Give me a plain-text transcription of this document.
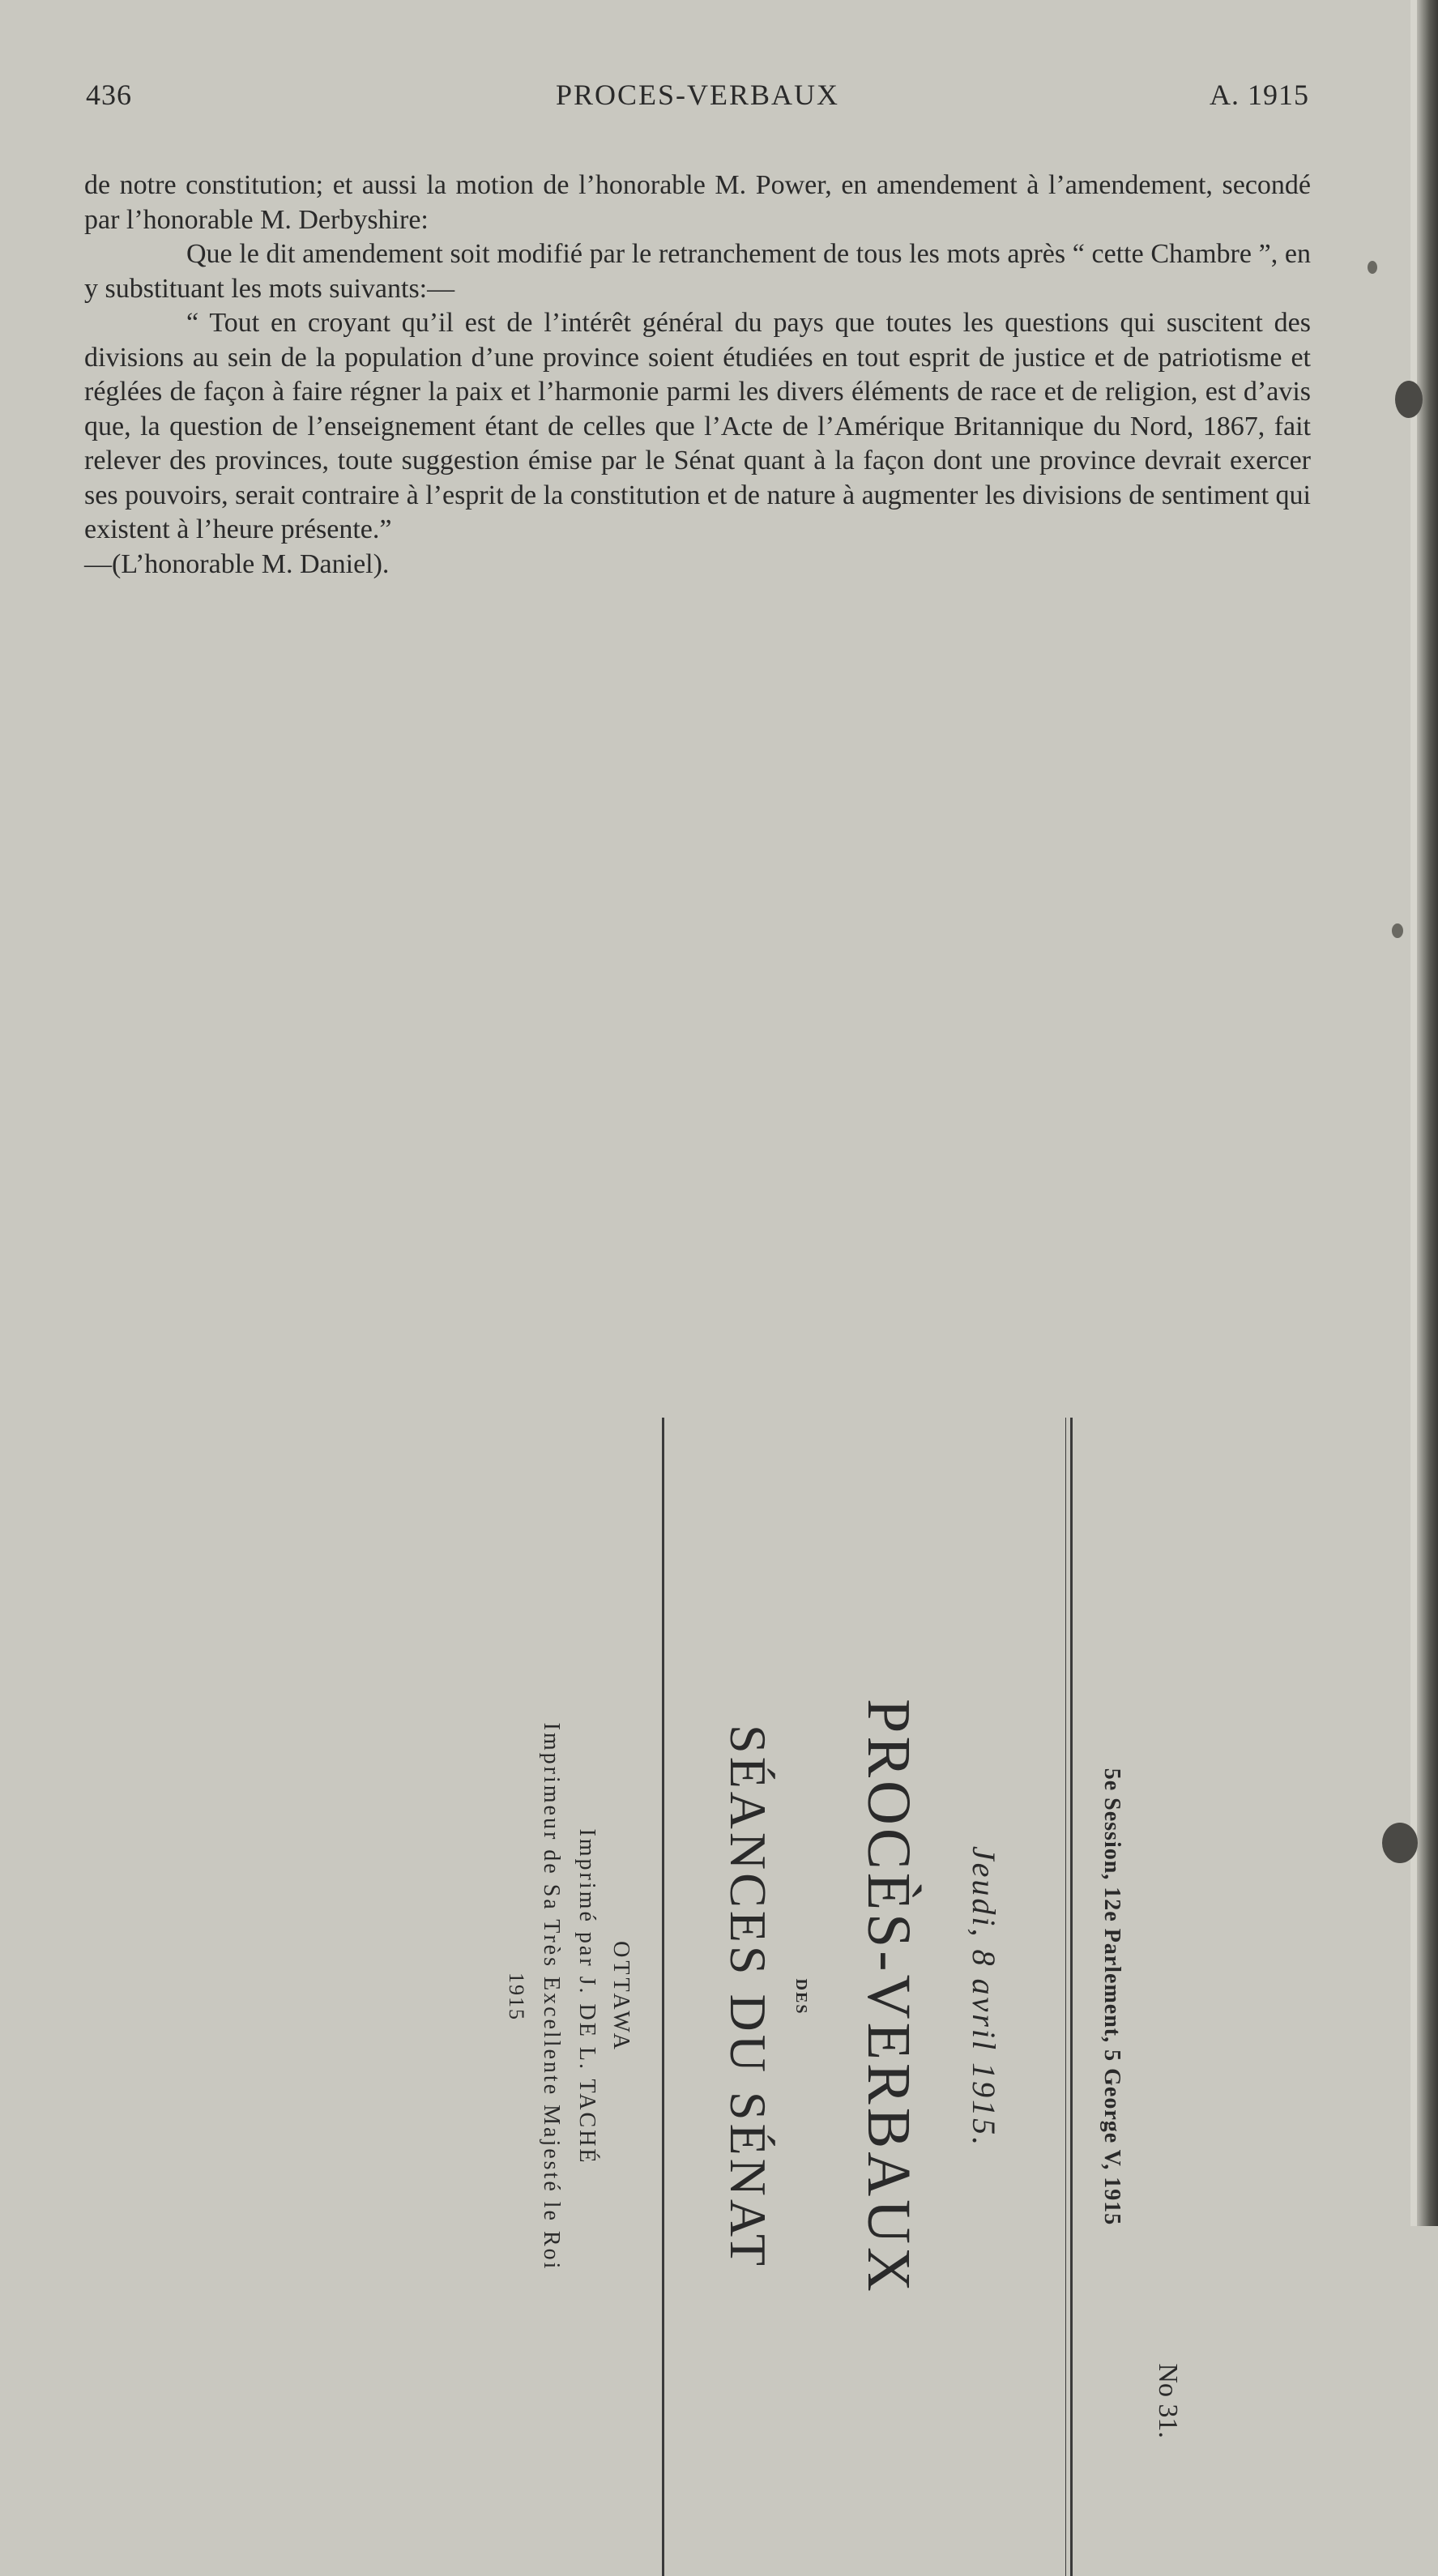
436	PROCES-VERBAUX	A. 1915

de notre constitution; et aussi la motion de l’honorable M. Power, en amendement à l’amendement, secondé par l’honorable M. Derbyshire:

Que le dit amendement soit modifié par le retranchement de tous les mots après “ cette Chambre ”, en y substituant les mots suivants:—

“ Tout en croyant qu’il est de l’intérêt général du pays que toutes les questions qui suscitent des divisions au sein de la population d’une province soient étudiées en tout esprit de justice et de patriotisme et réglées de façon à faire régner la paix et l’harmonie parmi les divers éléments de race et de religion, est d’avis que, la question de l’enseignement étant de celles que l’Acte de l’Amérique Britannique du Nord, 1867, fait relever des provinces, toute suggestion émise par le Sénat quant à la façon dont une province devrait exercer ses pouvoirs, serait contraire à l’esprit de la constitution et de nature à augmenter les divisions de sentiment qui existent à l’heure présente.”

—(L’honorable M. Daniel).

No 31.
5e Session, 12e Parlement, 5 George V, 1915
Jeudi, 8 avril 1915.
PROCÈS-VERBAUX
DES
SÉANCES DU SÉNAT
OTTAWA
Imprimé par J. DE L. TACHÉ
Imprimeur de Sa Très Excellente Majesté le Roi
1915
